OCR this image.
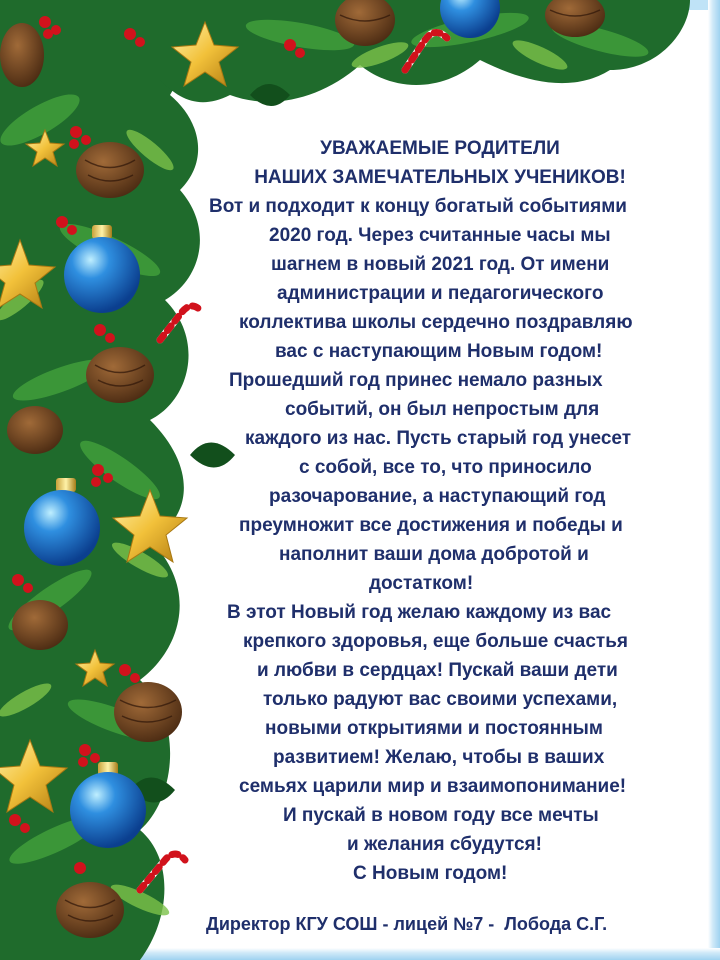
УВАЖАЕМЫЕ РОДИТЕЛИ
НАШИХ ЗАМЕЧАТЕЛЬНЫХ УЧЕНИКОВ!
Вот и подходит к концу богатый событиями
2020 год. Через считанные часы мы
шагнем в новый 2021 год. От имени
администрации и педагогического
коллектива школы сердечно поздравляю
вас с наступающим Новым годом!
Прошедший год принес немало разных
событий, он был непростым для
каждого из нас. Пусть старый год унесет
с собой, все то, что приносило
разочарование, а наступающий год
преумножит все достижения и победы и
наполнит ваши дома добротой и
достатком!
В этот Новый год желаю каждому из вас
крепкого здоровья, еще больше счастья
и любви в сердцах! Пускай ваши дети
только радуют вас своими успехами,
новыми открытиями и постоянным
развитием! Желаю, чтобы в ваших
семьях царили мир и взаимопонимание!
И пускай в новом году все мечты
и желания сбудутся!
С Новым годом!
Директор КГУ СОШ - лицей №7 -  Лобода С.Г.
